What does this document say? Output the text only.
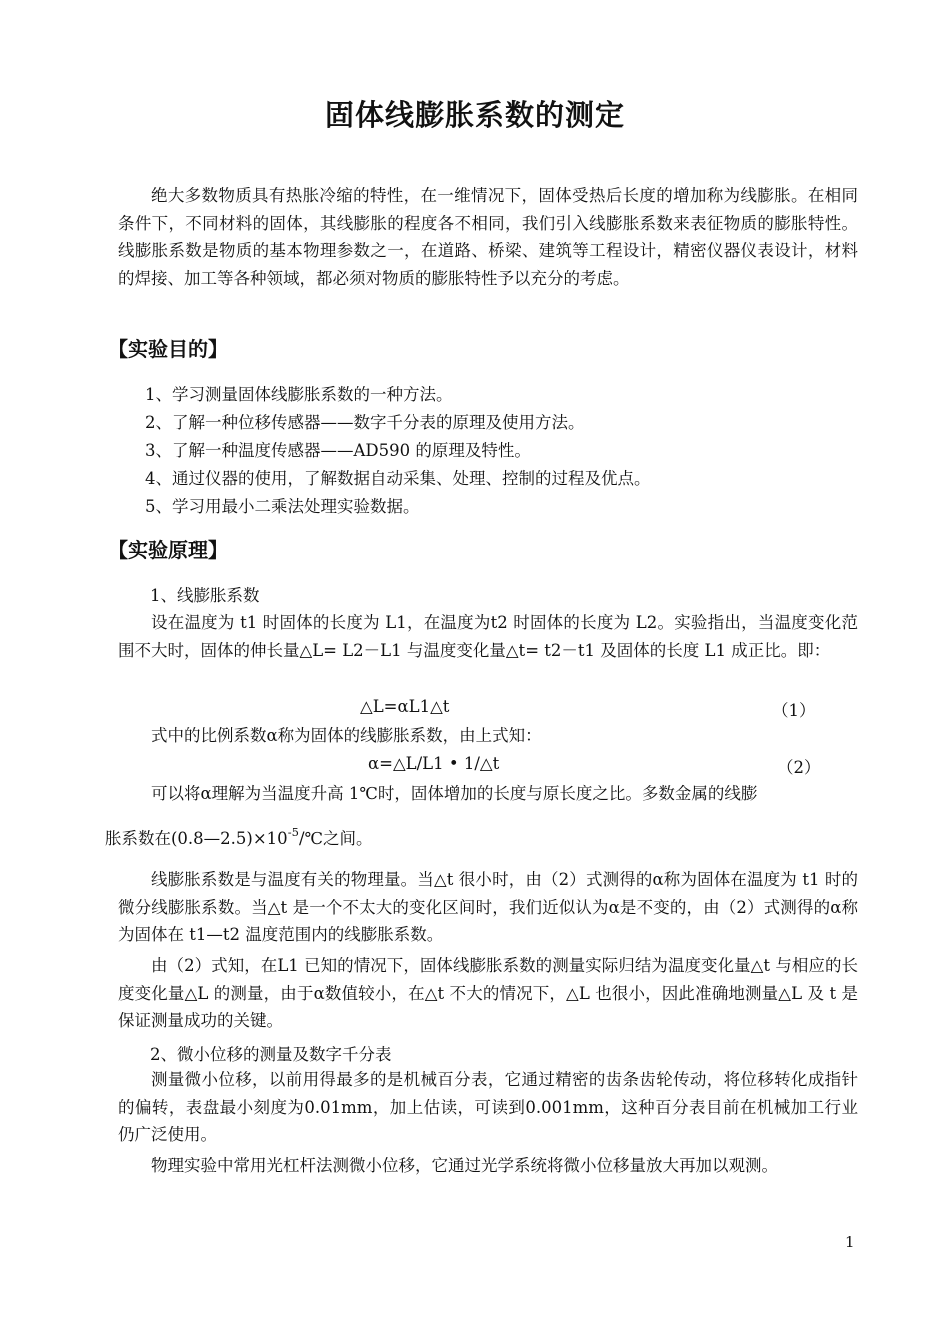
固体线膨胀系数的测定
绝大多数物质具有热胀冷缩的特性，在一维情况下，固体受热后长度的增加称为线膨胀。在相同条件下，不同材料的固体，其线膨胀的程度各不相同，我们引入线膨胀系数来表征物质的膨胀特性。线膨胀系数是物质的基本物理参数之一，在道路、桥梁、建筑等工程设计，精密仪器仪表设计，材料的焊接、加工等各种领域，都必须对物质的膨胀特性予以充分的考虑。
【实验目的】
1、学习测量固体线膨胀系数的一种方法。
2、了解一种位移传感器——数字千分表的原理及使用方法。
3、了解一种温度传感器——AD590 的原理及特性。
4、通过仪器的使用，了解数据自动采集、处理、控制的过程及优点。
5、学习用最小二乘法处理实验数据。
【实验原理】
1、线膨胀系数
设在温度为 t1 时固体的长度为 L1，在温度为t2 时固体的长度为 L2。实验指出，当温度变化范围不大时，固体的伸长量△L= L2－L1 与温度变化量△t= t2－t1 及固体的长度 L1 成正比。即：
△L=αL1△t	（1）
式中的比例系数α称为固体的线膨胀系数，由上式知：
α=△L/L1 • 1/△t	（2）
可以将α理解为当温度升高 1℃时，固体增加的长度与原长度之比。多数金属的线膨
胀系数在$(0.8—2.5)\times 10^{-5}/℃$之间。
线膨胀系数是与温度有关的物理量。当△t 很小时，由（2）式测得的α称为固体在温度为 t1 时的微分线膨胀系数。当△t 是一个不太大的变化区间时，我们近似认为α是不变的，由（2）式测得的α称为固体在 t1—t2 温度范围内的线膨胀系数。
由（2）式知，在L1 已知的情况下，固体线膨胀系数的测量实际归结为温度变化量△t 与相应的长度变化量△L 的测量，由于α数值较小，在△t 不大的情况下，△L 也很小，因此准确地测量△L 及 t 是保证测量成功的关键。
2、微小位移的测量及数字千分表
测量微小位移，以前用得最多的是机械百分表，它通过精密的齿条齿轮传动，将位移转化成指针的偏转，表盘最小刻度为0.01mm，加上估读，可读到0.001mm，这种百分表目前在机械加工行业仍广泛使用。
物理实验中常用光杠杆法测微小位移，它通过光学系统将微小位移量放大再加以观测。
1
